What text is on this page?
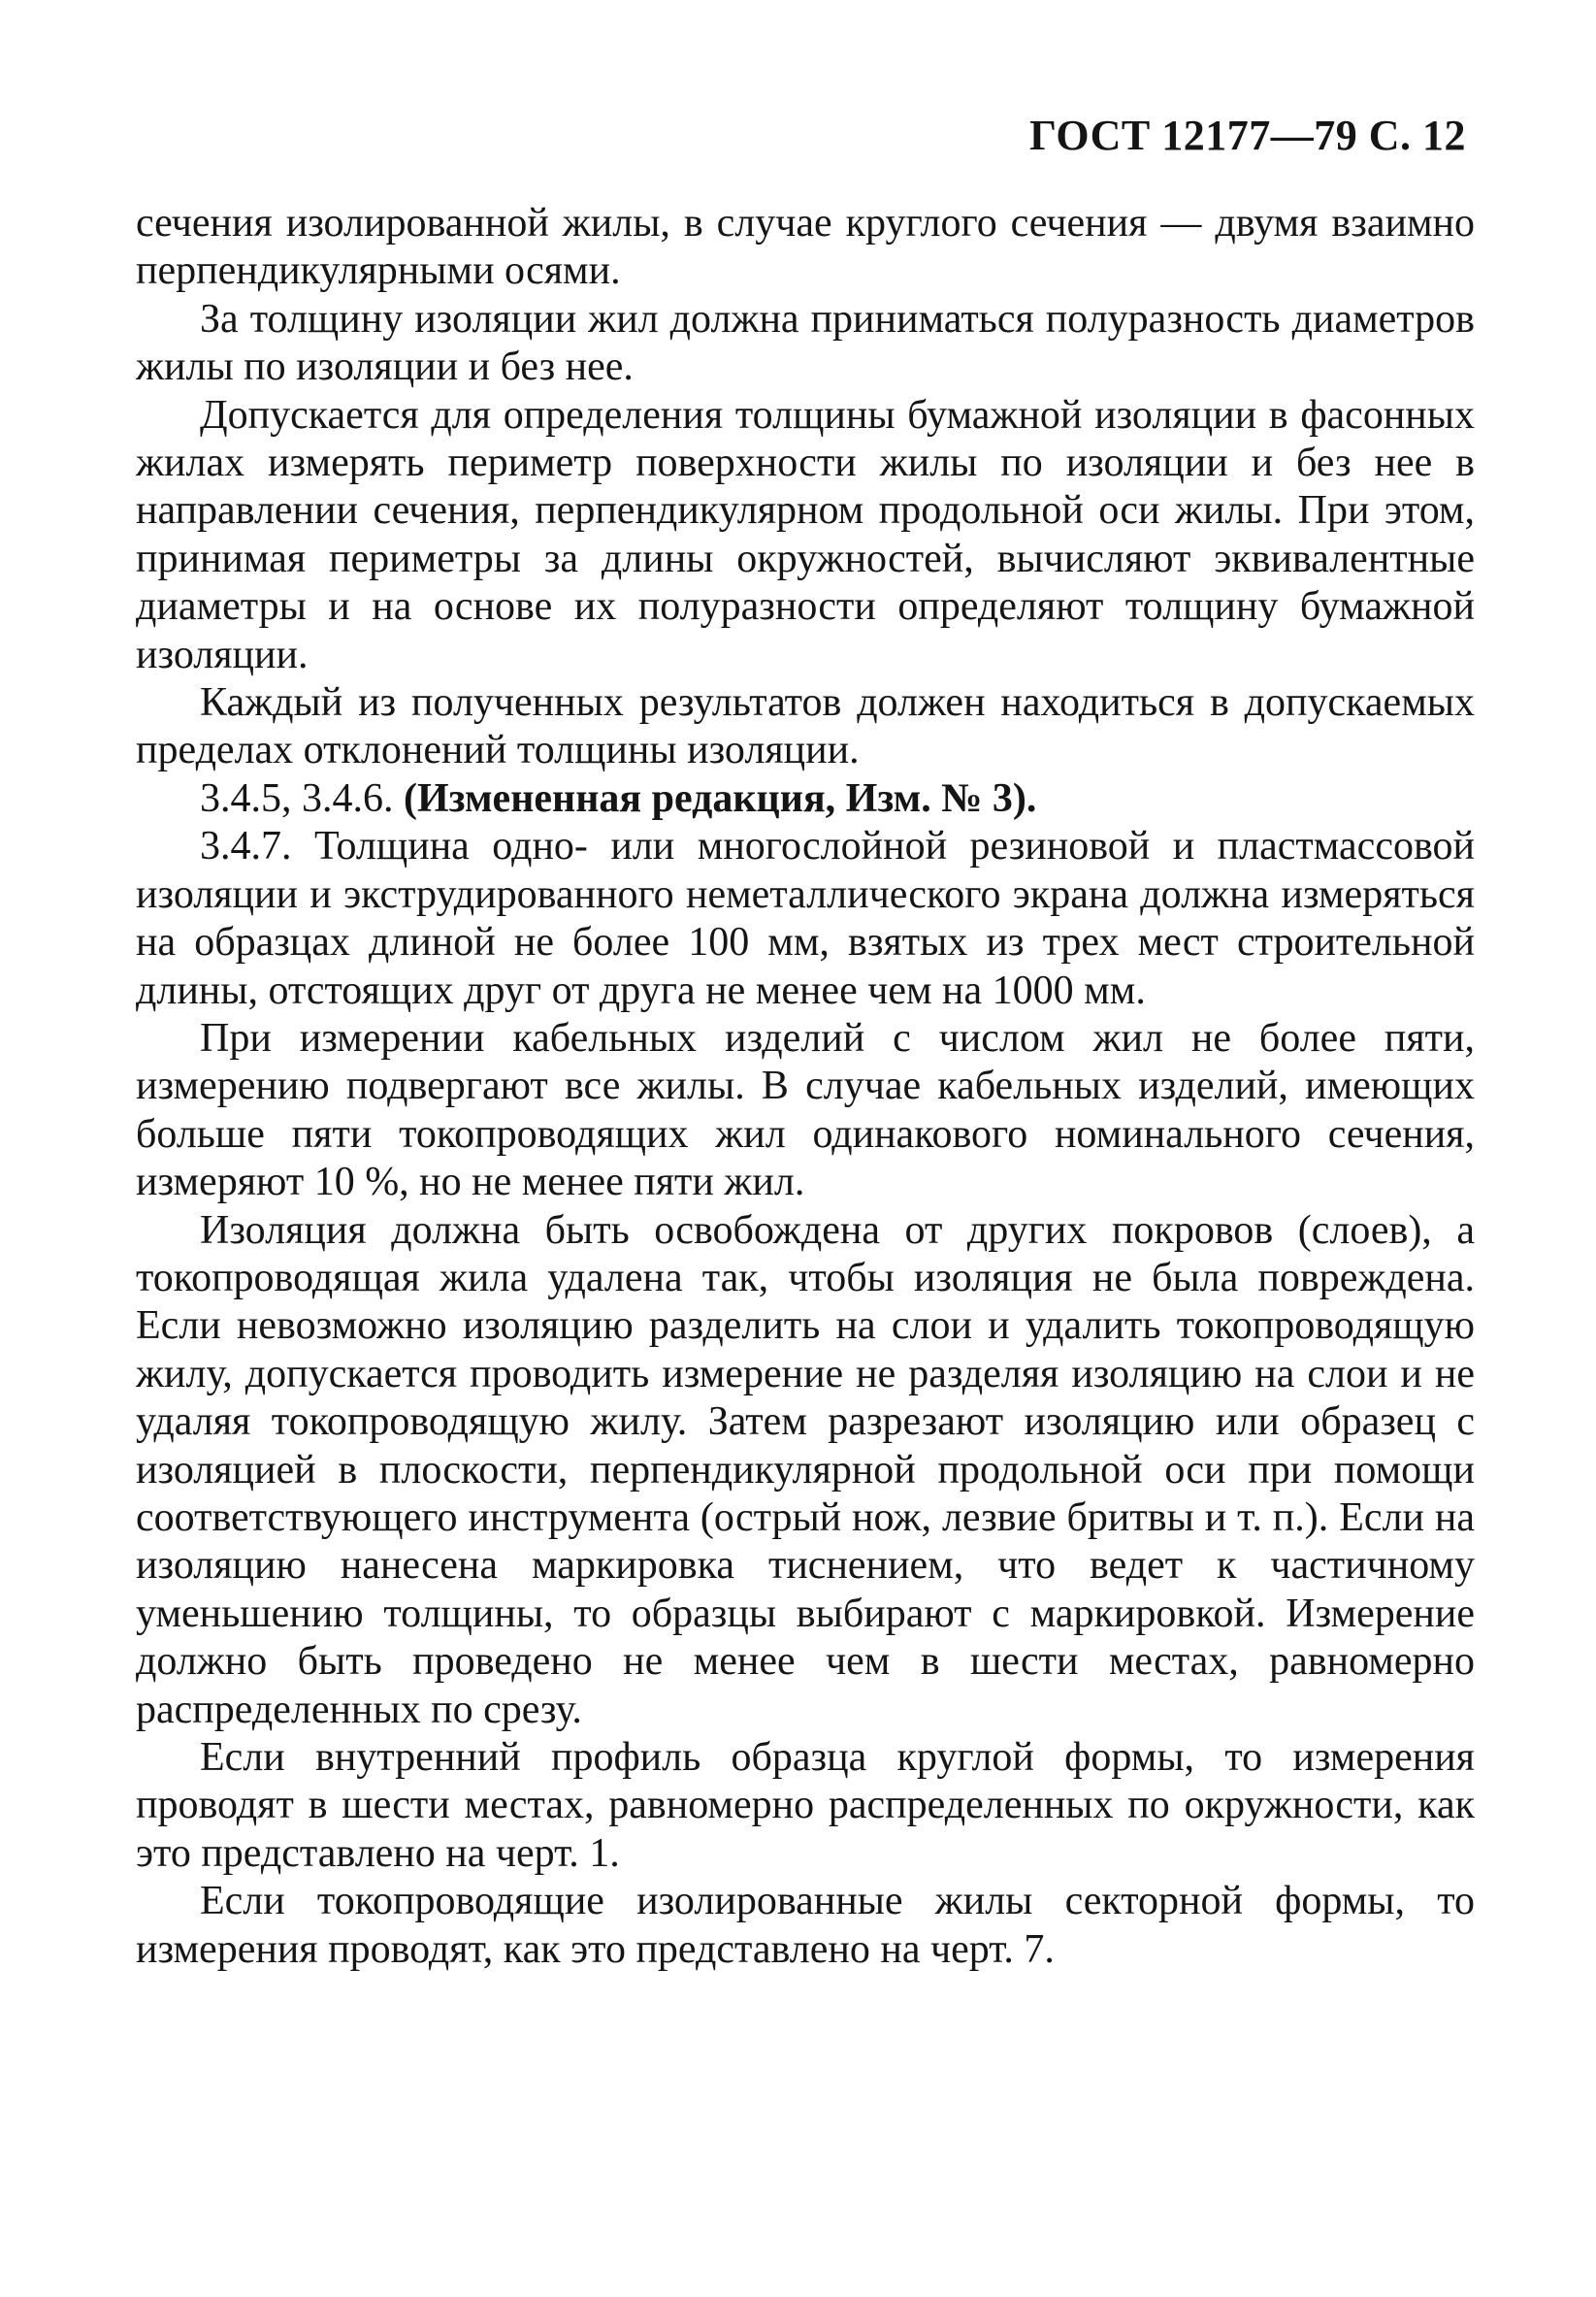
ГОСТ 12177—79 С. 12

сечения изолированной жилы, в случае круглого сечения — двумя взаимно перпендикулярными осями.

За толщину изоляции жил должна приниматься полуразность диаметров жилы по изоляции и без нее.

Допускается для определения толщины бумажной изоляции в фасонных жилах измерять периметр поверхности жилы по изоляции и без нее в направлении сечения, перпендикулярном продольной оси жилы. При этом, принимая периметры за длины окружностей, вычисляют эквивалентные диаметры и на основе их полуразности определяют толщину бумажной изоляции.

Каждый из полученных результатов должен находиться в допускаемых пределах отклонений толщины изоляции.

3.4.5, 3.4.6. (Измененная редакция, Изм. № 3).

3.4.7. Толщина одно- или многослойной резиновой и пластмассовой изоляции и экструдированного неметаллического экрана должна измеряться на образцах длиной не более 100 мм, взятых из трех мест строительной длины, отстоящих друг от друга не менее чем на 1000 мм.

При измерении кабельных изделий с числом жил не более пяти, измерению подвергают все жилы. В случае кабельных изделий, имеющих больше пяти токопроводящих жил одинакового номинального сечения, измеряют 10 %, но не менее пяти жил.

Изоляция должна быть освобождена от других покровов (слоев), а токопроводящая жила удалена так, чтобы изоляция не была повреждена. Если невозможно изоляцию разделить на слои и удалить токопроводящую жилу, допускается проводить измерение не разделяя изоляцию на слои и не удаляя токопроводящую жилу. Затем разрезают изоляцию или образец с изоляцией в плоскости, перпендикулярной продольной оси при помощи соответствующего инструмента (острый нож, лезвие бритвы и т. п.). Если на изоляцию нанесена маркировка тиснением, что ведет к частичному уменьшению толщины, то образцы выбирают с маркировкой. Измерение должно быть проведено не менее чем в шести местах, равномерно распределенных по срезу.

Если внутренний профиль образца круглой формы, то измерения проводят в шести местах, равномерно распределенных по окружности, как это представлено на черт. 1.

Если токопроводящие изолированные жилы секторной формы, то измерения проводят, как это представлено на черт. 7.
